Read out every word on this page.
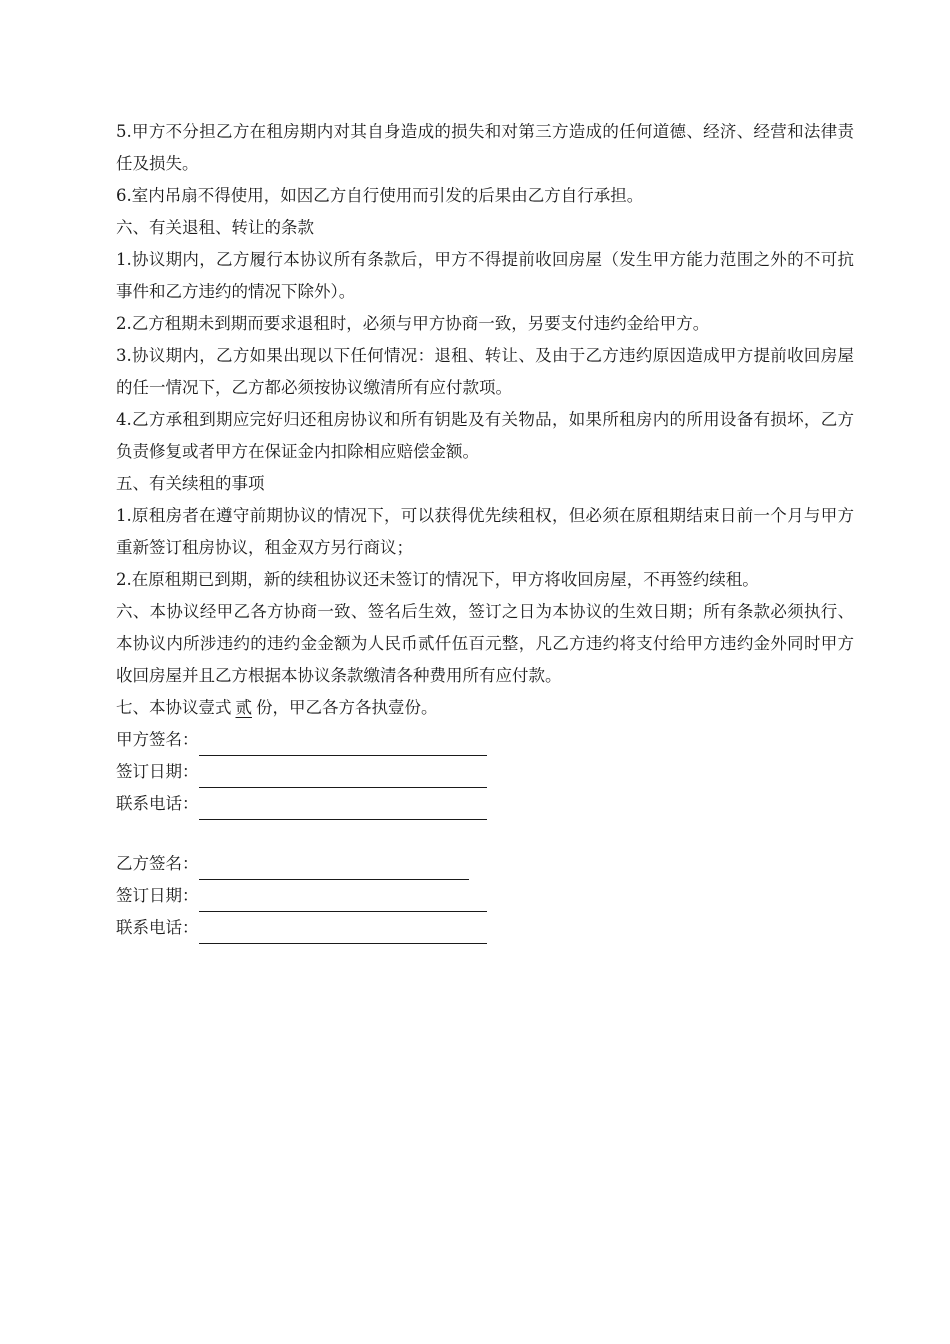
5.甲方不分担乙方在租房期内对其自身造成的损失和对第三方造成的任何道德、经济、经营和法律责任及损失。

6.室内吊扇不得使用，如因乙方自行使用而引发的后果由乙方自行承担。

六、有关退租、转让的条款

1.协议期内，乙方履行本协议所有条款后，甲方不得提前收回房屋（发生甲方能力范围之外的不可抗事件和乙方违约的情况下除外）。

2.乙方租期未到期而要求退租时，必须与甲方协商一致，另要支付违约金给甲方。

3.协议期内，乙方如果出现以下任何情况：退租、转让、及由于乙方违约原因造成甲方提前收回房屋的任一情况下，乙方都必须按协议缴清所有应付款项。

4.乙方承租到期应完好归还租房协议和所有钥匙及有关物品，如果所租房内的所用设备有损坏，乙方负责修复或者甲方在保证金内扣除相应赔偿金额。

五、有关续租的事项

1.原租房者在遵守前期协议的情况下，可以获得优先续租权，但必须在原租期结束日前一个月与甲方重新签订租房协议，租金双方另行商议；

2.在原租期已到期，新的续租协议还未签订的情况下，甲方将收回房屋，不再签约续租。

六、本协议经甲乙各方协商一致、签名后生效，签订之日为本协议的生效日期；所有条款必须执行、本协议内所涉违约的违约金金额为人民币贰仟伍百元整，凡乙方违约将支付给甲方违约金外同时甲方收回房屋并且乙方根据本协议条款缴清各种费用所有应付款。

七、本协议壹式 贰 份，甲乙各方各执壹份。

甲方签名：
签订日期：
联系电话：
乙方签名：
签订日期：
联系电话：
